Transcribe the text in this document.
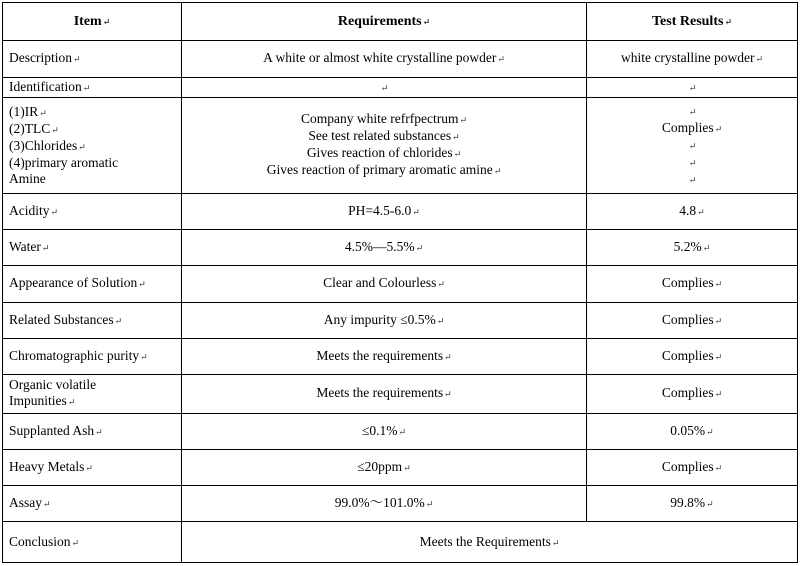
Item↵	Requirements↵	Test Results↵
Description↵	A white or almost white crystalline powder↵	white crystalline powder↵
Identification↵	↵	↵

(1)IR↵
(2)TLC↵
(3)Chlorides↵
(4)primary aromatic
Amine	Company white refrfpectrum↵
See test related substances↵
Gives reaction of chlorides↵
Gives reaction of primary aromatic amine↵	↵
Complies↵
↵
↵
↵

Acidity↵	PH=4.5-6.0↵	4.8↵
Water↵	4.5%—5.5%↵	5.2%↵
Appearance of Solution↵	Clear and Colourless↵	Complies↵
Related Substances↵	Any impurity ≤0.5%↵	Complies↵
Chromatographic purity↵	Meets the requirements↵	Complies↵

Organic volatile
Impunities↵	Meets the requirements↵	Complies↵
Supplanted Ash↵	≤0.1%↵	0.05%↵
Heavy Metals↵	≤20ppm↵	Complies↵
Assay↵	99.0%～101.0%↵	99.8%↵
Conclusion↵	Meets the Requirements↵	
